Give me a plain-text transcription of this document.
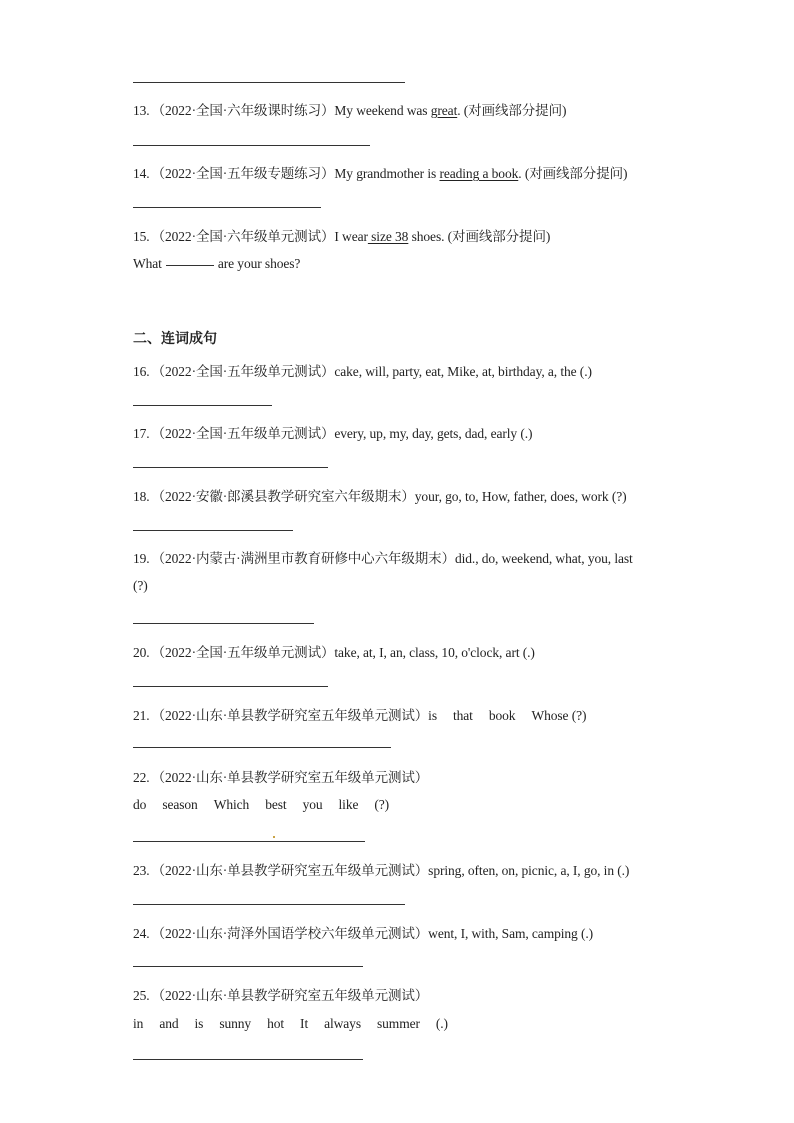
13. （2022·全国·六年级课时练习）My weekend was great. (对画线部分提问)
14. （2022·全国·五年级专题练习）My grandmother is reading a book. (对画线部分提问)
15. （2022·全国·六年级单元测试）I wear size 38 shoes. (对画线部分提问)
What	are your shoes?
二、连词成句
16. （2022·全国·五年级单元测试）cake, will, party, eat, Mike, at, birthday, a, the (.)
17. （2022·全国·五年级单元测试）every, up, my, day, gets, dad, early (.)
18. （2022·安徽·郎溪县教学研究室六年级期末）your, go, to, How, father, does, work (?)
19. （2022·内蒙古·满洲里市教育研修中心六年级期末）did., do, weekend, what, you, last
(?)
20. （2022·全国·五年级单元测试）take, at, I, an, class, 10, o'clock, art (.)
21. （2022·山东·单县教学研究室五年级单元测试）is that book Whose (?)
22. （2022·山东·单县教学研究室五年级单元测试）
do season Which best you like (?)
23. （2022·山东·单县教学研究室五年级单元测试）spring, often, on, picnic, a, I, go, in (.)
24. （2022·山东·菏泽外国语学校六年级单元测试）went, I, with, Sam, camping (.)
25. （2022·山东·单县教学研究室五年级单元测试）
in and is sunny hot It always summer (.)
